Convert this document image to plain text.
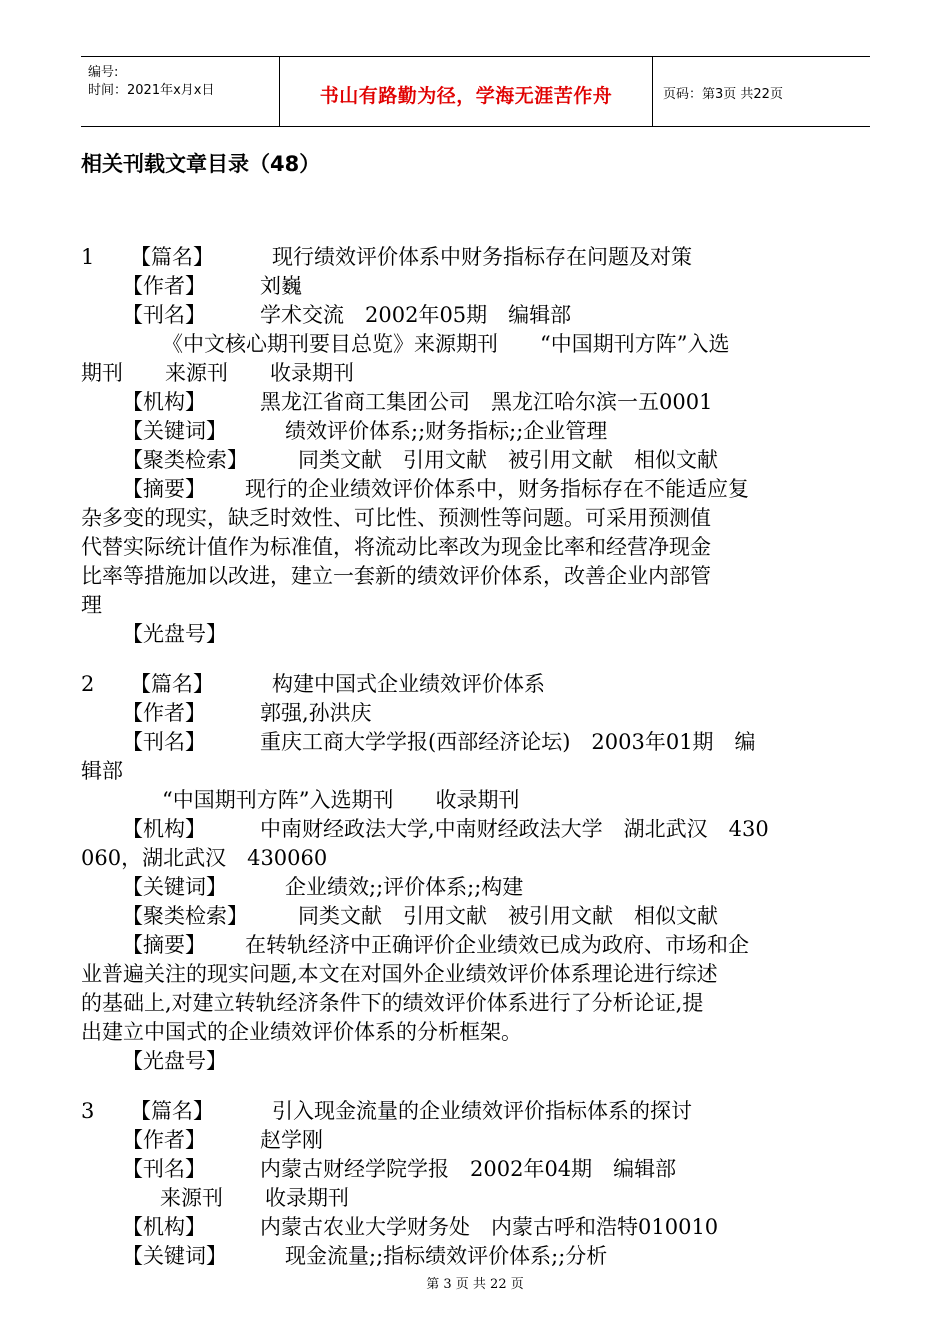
编号:
时间：2021年x月x日	书山有路勤为径，学海无涯苦作舟	页码：第3页 共22页
相关刊载文章目录（48）
1 【篇名】	现行绩效评价体系中财务指标存在问题及对策
【作者】	刘巍
【刊名】	学术交流　2002年05期　编辑部
《中文核心期刊要目总览》来源期刊　　“中国期刊方阵”入选
期刊　　来源刊　　收录期刊
【机构】	黑龙江省商工集团公司　黑龙江哈尔滨一五0001
【关键词】	绩效评价体系;;财务指标;;企业管理
【聚类检索】 同类文献　引用文献　被引用文献　相似文献
【摘要】 现行的企业绩效评价体系中，财务指标存在不能适应复
杂多变的现实，缺乏时效性、可比性、预测性等问题。可采用预测值
代替实际统计值作为标准值，将流动比率改为现金比率和经营净现金
比率等措施加以改进，建立一套新的绩效评价体系，改善企业内部管
理
【光盘号】
2 【篇名】	构建中国式企业绩效评价体系
【作者】	郭强,孙洪庆
【刊名】	重庆工商大学学报(西部经济论坛)　2003年01期　编
辑部
“中国期刊方阵”入选期刊　　收录期刊
【机构】	中南财经政法大学,中南财经政法大学　湖北武汉　430
060，湖北武汉　430060
【关键词】	企业绩效;;评价体系;;构建
【聚类检索】 同类文献　引用文献　被引用文献　相似文献
【摘要】 在转轨经济中正确评价企业绩效已成为政府、市场和企
业普遍关注的现实问题,本文在对国外企业绩效评价体系理论进行综述
的基础上,对建立转轨经济条件下的绩效评价体系进行了分析论证,提
出建立中国式的企业绩效评价体系的分析框架。
【光盘号】
3 【篇名】	引入现金流量的企业绩效评价指标体系的探讨
【作者】	赵学刚
【刊名】	内蒙古财经学院学报　2002年04期　编辑部
来源刊　　收录期刊
【机构】	内蒙古农业大学财务处　内蒙古呼和浩特010010
【关键词】	现金流量;;指标绩效评价体系;;分析
第 3 页 共 22 页
